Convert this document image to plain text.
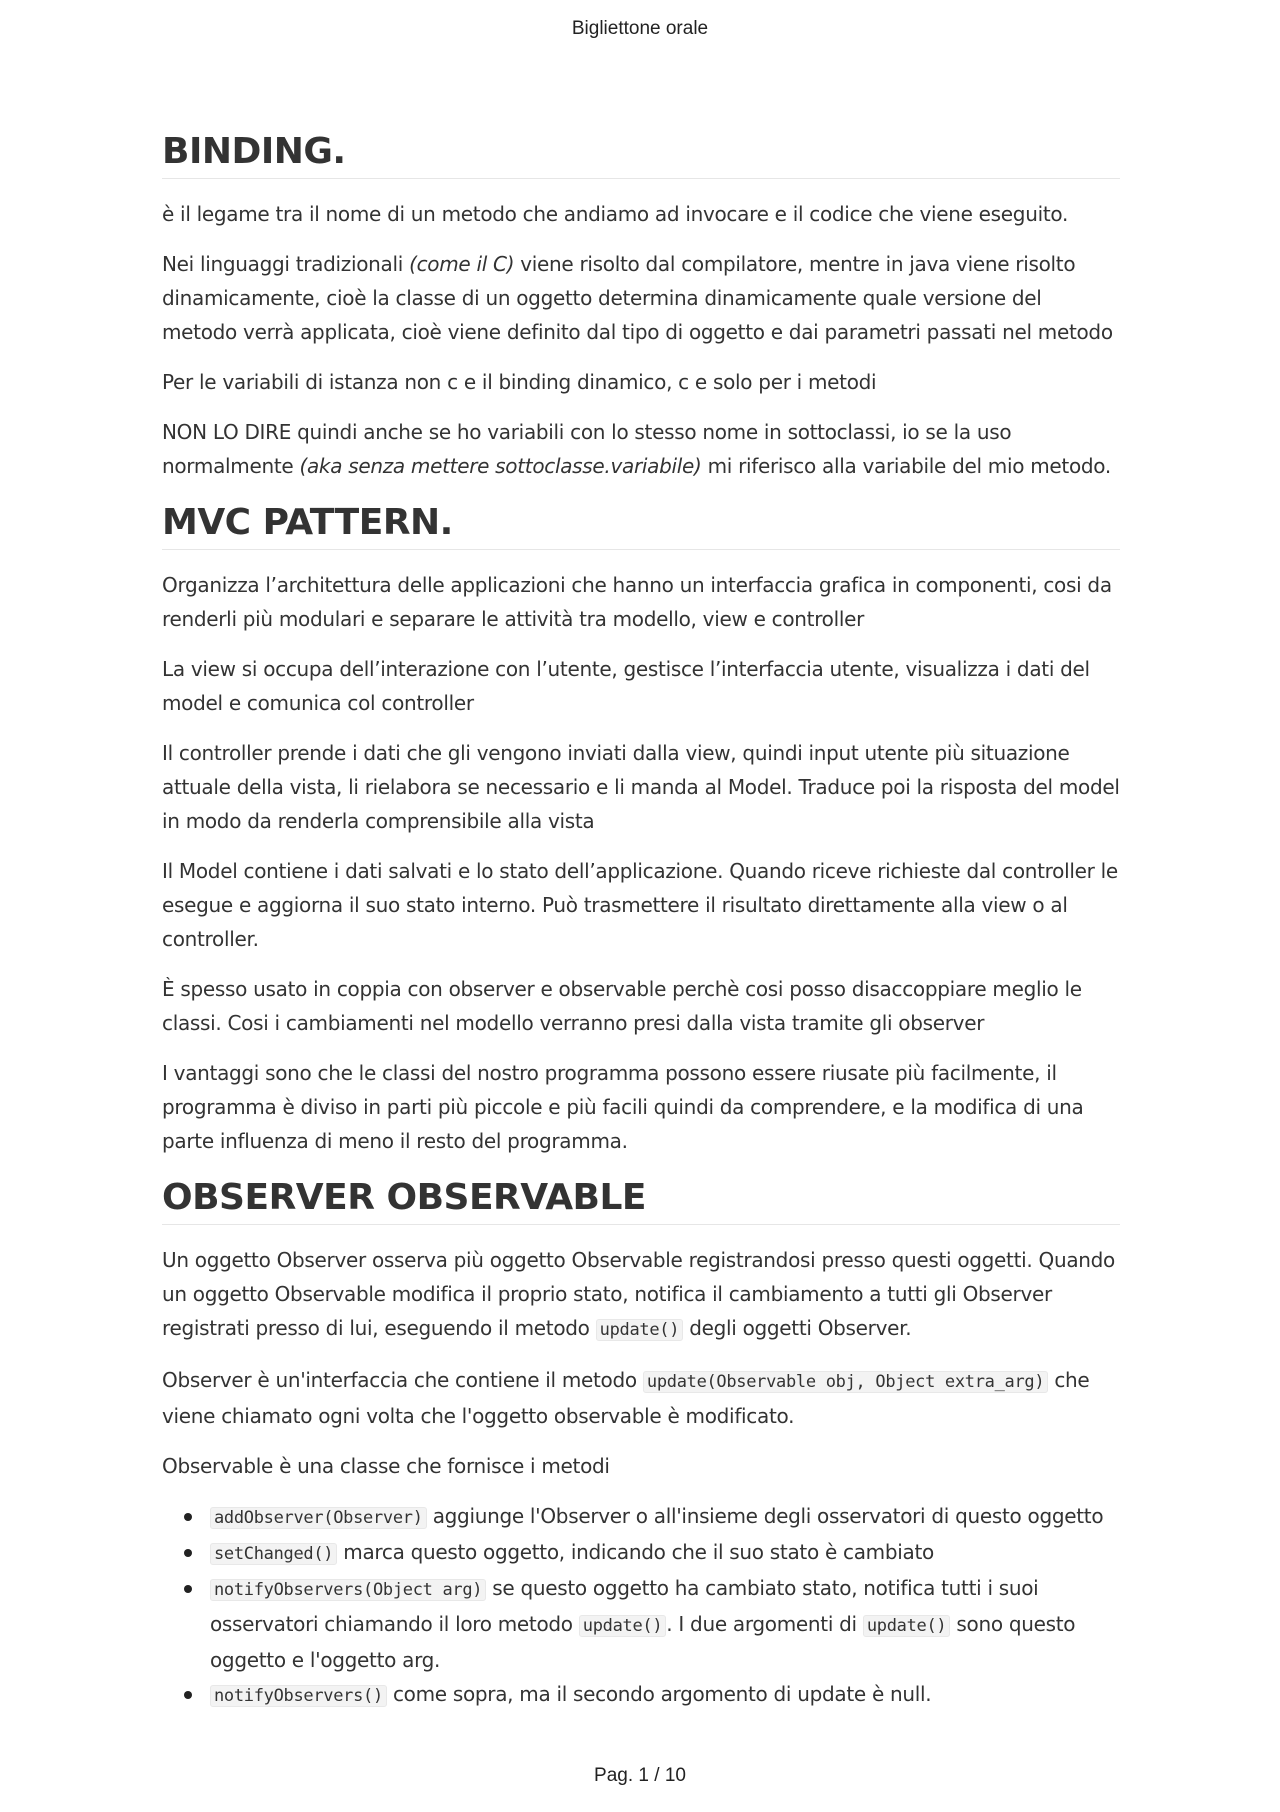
Bigliettone orale
BINDING.

è il legame tra il nome di un metodo che andiamo ad invocare e il codice che viene eseguito.

Nei linguaggi tradizionali (come il C) viene risolto dal compilatore, mentre in java viene risolto dinamicamente, cioè la classe di un oggetto determina dinamicamente quale versione del metodo verrà applicata, cioè viene definito dal tipo di oggetto e dai parametri passati nel metodo

Per le variabili di istanza non c e il binding dinamico, c e solo per i metodi

NON LO DIRE quindi anche se ho variabili con lo stesso nome in sottoclassi, io se la uso normalmente (aka senza mettere sottoclasse.variabile) mi riferisco alla variabile del mio metodo.

MVC PATTERN.

Organizza l’architettura delle applicazioni che hanno un interfaccia grafica in componenti, cosi da renderli più modulari e separare le attività tra modello, view e controller

La view si occupa dell’interazione con l’utente, gestisce l’interfaccia utente, visualizza i dati del model e comunica col controller

Il controller prende i dati che gli vengono inviati dalla view, quindi input utente più situazione attuale della vista, li rielabora se necessario e li manda al Model. Traduce poi la risposta del model in modo da renderla comprensibile alla vista

Il Model contiene i dati salvati e lo stato dell’applicazione. Quando riceve richieste dal controller le esegue e aggiorna il suo stato interno. Può trasmettere il risultato direttamente alla view o al controller.

È spesso usato in coppia con observer e observable perchè cosi posso disaccoppiare meglio le classi. Cosi i cambiamenti nel modello verranno presi dalla vista tramite gli observer

I vantaggi sono che le classi del nostro programma possono essere riusate più facilmente, il programma è diviso in parti più piccole e più facili quindi da comprendere, e la modifica di una parte influenza di meno il resto del programma.

OBSERVER OBSERVABLE

Un oggetto Observer osserva più oggetto Observable registrandosi presso questi oggetti. Quando un oggetto Observable modifica il proprio stato, notifica il cambiamento a tutti gli Observer registrati presso di lui, eseguendo il metodo update() degli oggetti Observer.

Observer è un'interfaccia che contiene il metodo update(Observable obj, Object extra_arg) che viene chiamato ogni volta che l'oggetto observable è modificato.

Observable è una classe che fornisce i metodi

addObserver(Observer) aggiunge l'Observer o all'insieme degli osservatori di questo oggetto
setChanged() marca questo oggetto, indicando che il suo stato è cambiato
notifyObservers(Object arg) se questo oggetto ha cambiato stato, notifica tutti i suoi osservatori chiamando il loro metodo update() . I due argomenti di update() sono questo oggetto e l'oggetto arg.
notifyObservers() come sopra, ma il secondo argomento di update è null.
Pag. 1 / 10
